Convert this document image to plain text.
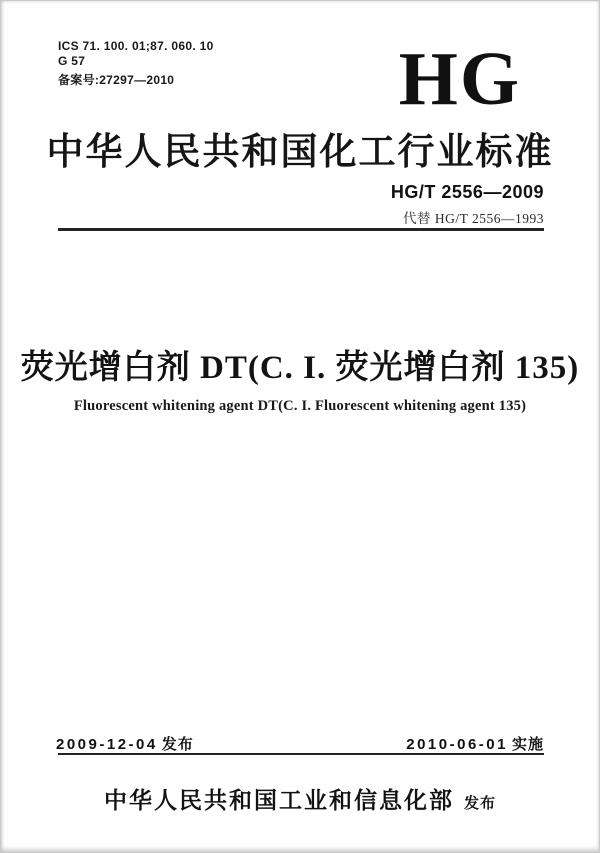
ICS 71. 100. 01;87. 060. 10
G 57
备案号:27297—2010	HG
中华人民共和国化工行业标准
HG/T 2556—2009
代替 HG/T 2556—1993
荧光增白剂 DT(C. I. 荧光增白剂 135)
Fluorescent whitening agent DT(C. I. Fluorescent whitening agent 135)
2009-12-04 发布	2010-06-01 实施
中华人民共和国工业和信息化部 发布
